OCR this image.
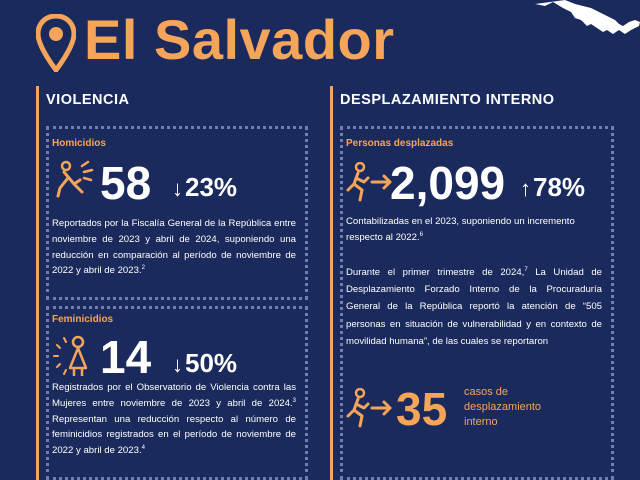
El Salvador
VIOLENCIA
Homicidios
58 ↓23%
Reportados por la Fiscalía General de la República entre noviembre de 2023 y abril de 2024, suponiendo una reducción en comparación al período de noviembre de 2022 y abril de 2023.$^2$
Feminicidios
14 ↓50%
Registrados por el Observatorio de Violencia contra las Mujeres entre noviembre de 2023 y abril de 2024.$^3$ Representan una reducción respecto al número de feminicidios registrados en el período de noviembre de 2022 y abril de 2023.$^4$
DESPLAZAMIENTO INTERNO
Personas desplazadas
2,099 ↑78%
Contabilizadas en el 2023, suponiendo un incremento respecto al 2022.$^6$
Durante el primer trimestre de 2024,$^7$ La Unidad de Desplazamiento Forzado Interno de la Procuraduría General de la República reportó la atención de “505 personas en situación de vulnerabilidad y en contexto de movilidad humana”, de las cuales se reportaron
35 casos de desplazamiento interno
